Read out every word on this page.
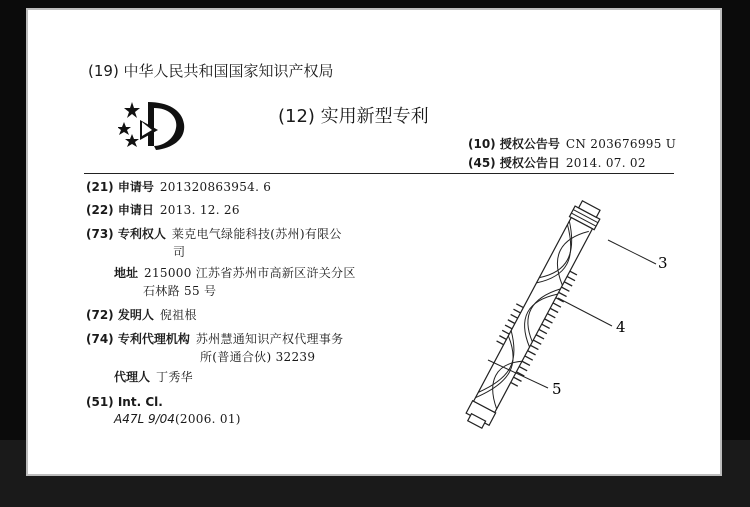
(19) 中华人民共和国国家知识产权局
(12) 实用新型专利
(10) 授权公告号 CN 203676995 U
(45) 授权公告日 2014. 07. 02
(21) 申请号 201320863954. 6
(22) 申请日 2013. 12. 26
(73) 专利权人 莱克电气绿能科技(苏州)有限公
司
地址 215000 江苏省苏州市高新区浒关分区
石林路 55 号
(72) 发明人 倪祖根
(74) 专利代理机构 苏州慧通知识产权代理事务
所(普通合伙) 32239
代理人 丁秀华
(51) Int. Cl.
A47L 9/04(2006. 01)
3
4
5
